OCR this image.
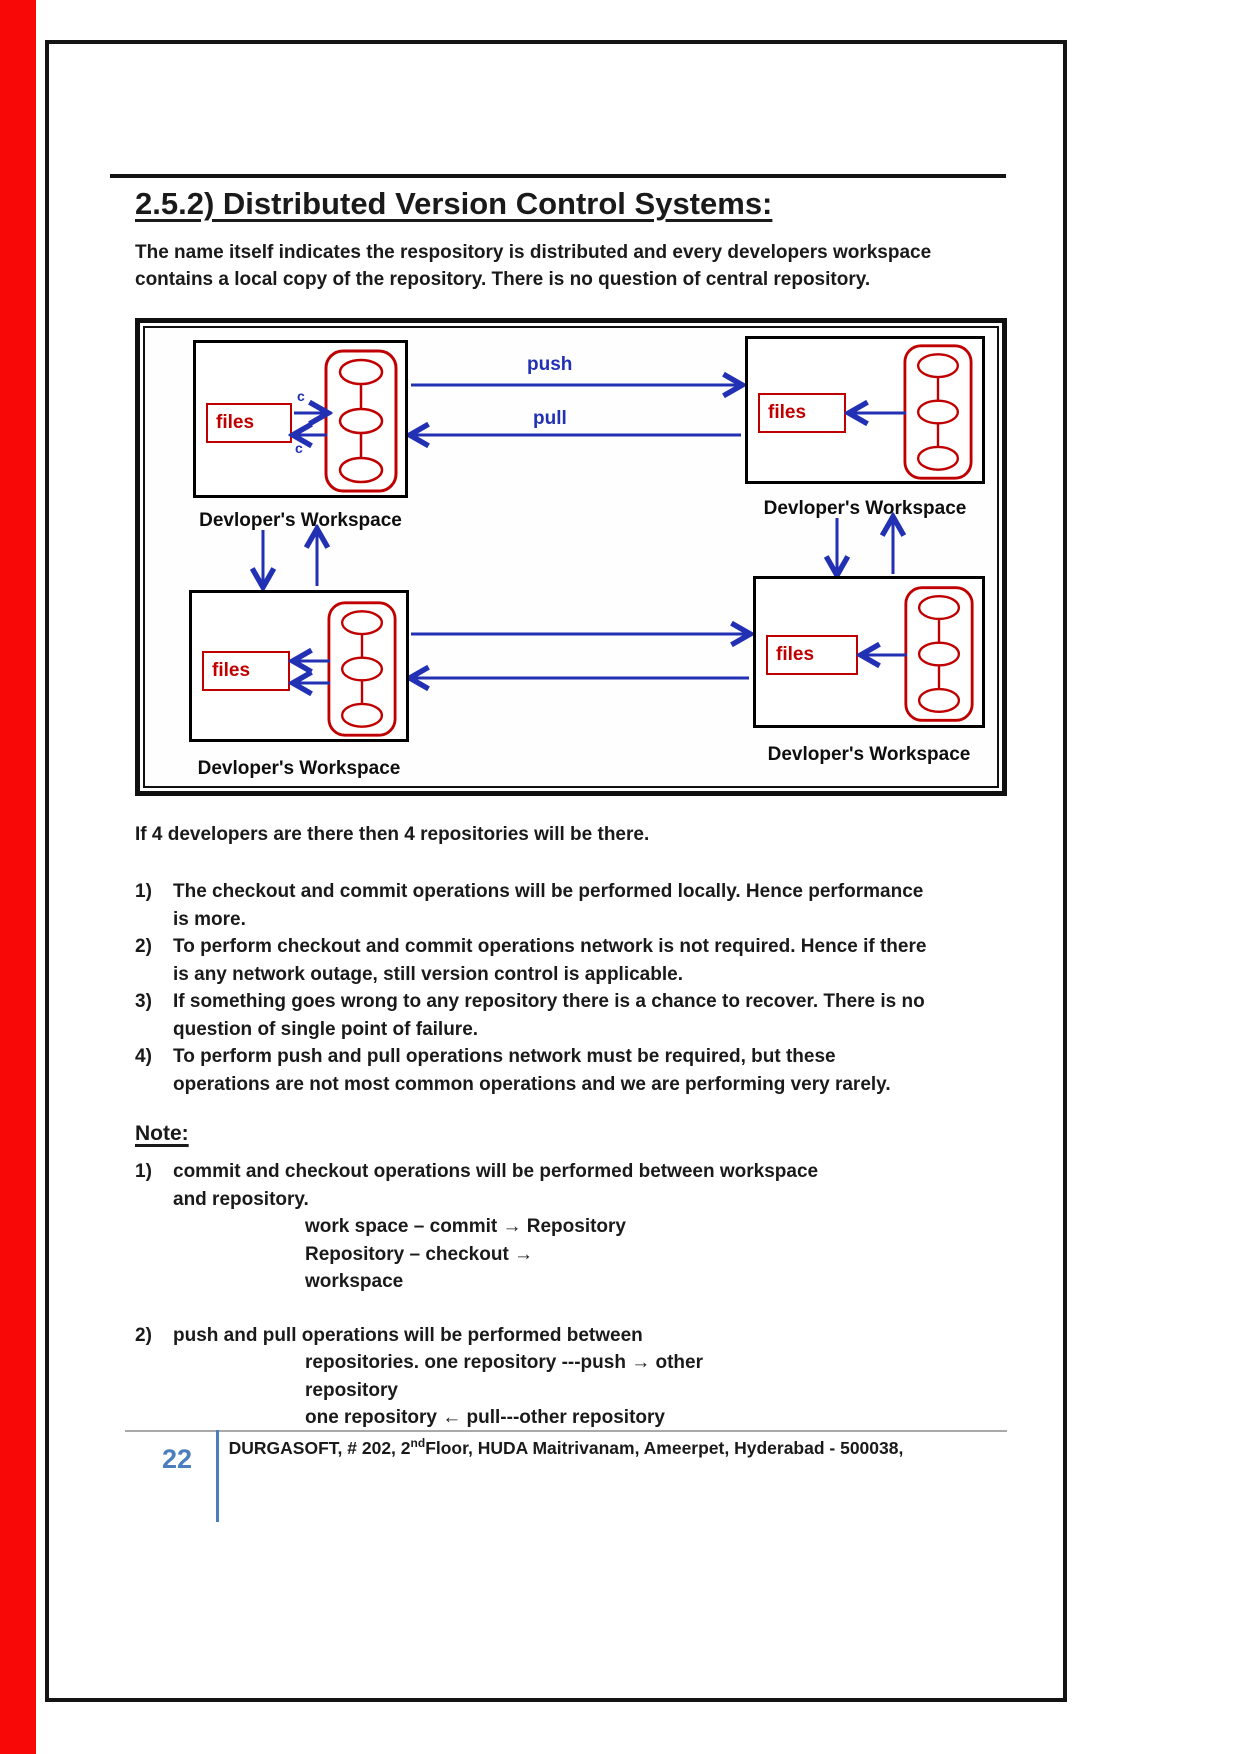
2.5.2) Distributed Version Control Systems:
The name itself indicates the respository is distributed and every developers workspace
contains a local copy of the repository. There is no question of central repository.
push
pull
files
c
c
Devloper's Workspace
files
Devloper's Workspace
files
Devloper's Workspace
files
Devloper's Workspace
If 4 developers are there then 4 repositories will be there.
1)	The checkout and commit operations will be performed locally. Hence performance
is more.
2)	To perform checkout and commit operations network is not required. Hence if there
is any network outage, still version control is applicable.
3)	If something goes wrong to any repository there is a chance to recover. There is no
question of single point of failure.
4)	To perform push and pull operations network must be required, but these
operations are not most common operations and we are performing very rarely.
Note:
1)	commit and checkout operations will be performed between workspace
and repository.
work space – commit → Repository
Repository – checkout →
workspace
2)	push and pull operations will be performed between
repositories. one repository ---push → other
repository
one repository ← pull---other repository
DURGASOFT, # 202, 2ndFloor, HUDA Maitrivanam, Ameerpet, Hyderabad - 500038,
22
